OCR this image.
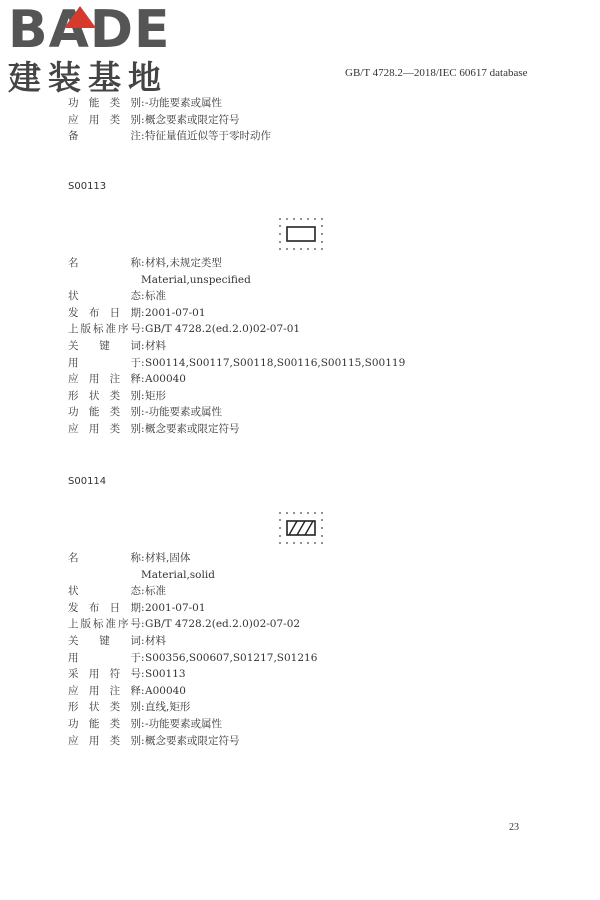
BADE
建装基地	GB/T 4728.2—2018/IEC 60617 database
功 能 类 别 : -功能要素或属性
应 用 类 别 : 概念要素或限定符号
备	注 : 特征量值近似等于零时动作
S00113
名	称 : 材料,未规定类型
Material,unspecified
状	态 : 标准
发 布 日 期 : 2001-07-01
上 版 标 准 序 号 : GB/T 4728.2(ed.2.0)02-07-01
关 键 词 : 材料
用	于 : S00114,S00117,S00118,S00116,S00115,S00119
应 用 注 释 : A00040
形 状 类 别 : 矩形
功 能 类 别 : -功能要素或属性
应 用 类 别 : 概念要素或限定符号
S00114
名	称 : 材料,固体
Material,solid
状	态 : 标准
发 布 日 期 : 2001-07-01
上 版 标 准 序 号 : GB/T 4728.2(ed.2.0)02-07-02
关 键 词 : 材料
用	于 : S00356,S00607,S01217,S01216
采 用 符 号 : S00113
应 用 注 释 : A00040
形 状 类 别 : 直线,矩形
功 能 类 别 : -功能要素或属性
应 用 类 别 : 概念要素或限定符号
23
